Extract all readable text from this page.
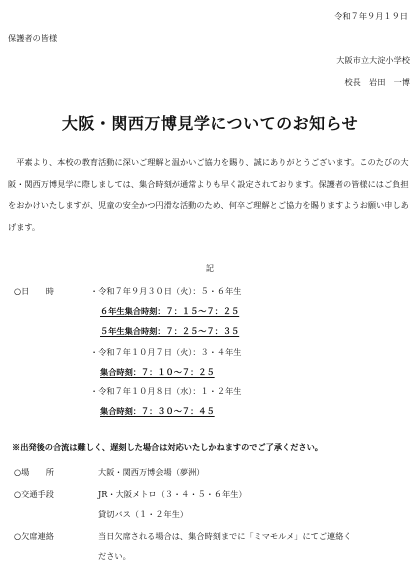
令和７年９月１９日
保護者の皆様
大阪市立大淀小学校
校長　岩田　一博
大阪・関西万博見学についてのお知らせ
平素より、本校の教育活動に深いご理解と温かいご協力を賜り、誠にありがとうございます。このたびの大阪・関西万博見学に際しましては、集合時刻が通常よりも早く設定されております。保護者の皆様にはご負担をおかけいたしますが、児童の安全かつ円滑な活動のため、何卒ご理解とご協力を賜りますようお願い申しあげます。
記
○日　　時	・令和７年９月３０日（火）：５・６年生
６年生集合時刻：７：１５〜７：２５
５年生集合時刻：７：２５〜７：３５
・令和７年１０月７日（火）：３・４年生
集合時刻：７：１０〜７：２５
・令和７年１０月８日（水）：１・２年生
集合時刻：７：３０〜７：４５
※出発後の合流は難しく、遅刻した場合は対応いたしかねますのでご了承ください。
○場　　所	大阪・関西万博会場（夢洲）
○交通手段	JR・大阪メトロ（３・４・５・６年生）
貸切バス（１・２年生）
○欠席連絡	当日欠席される場合は、集合時刻までに「ミマモルメ」にてご連絡く
ださい。
